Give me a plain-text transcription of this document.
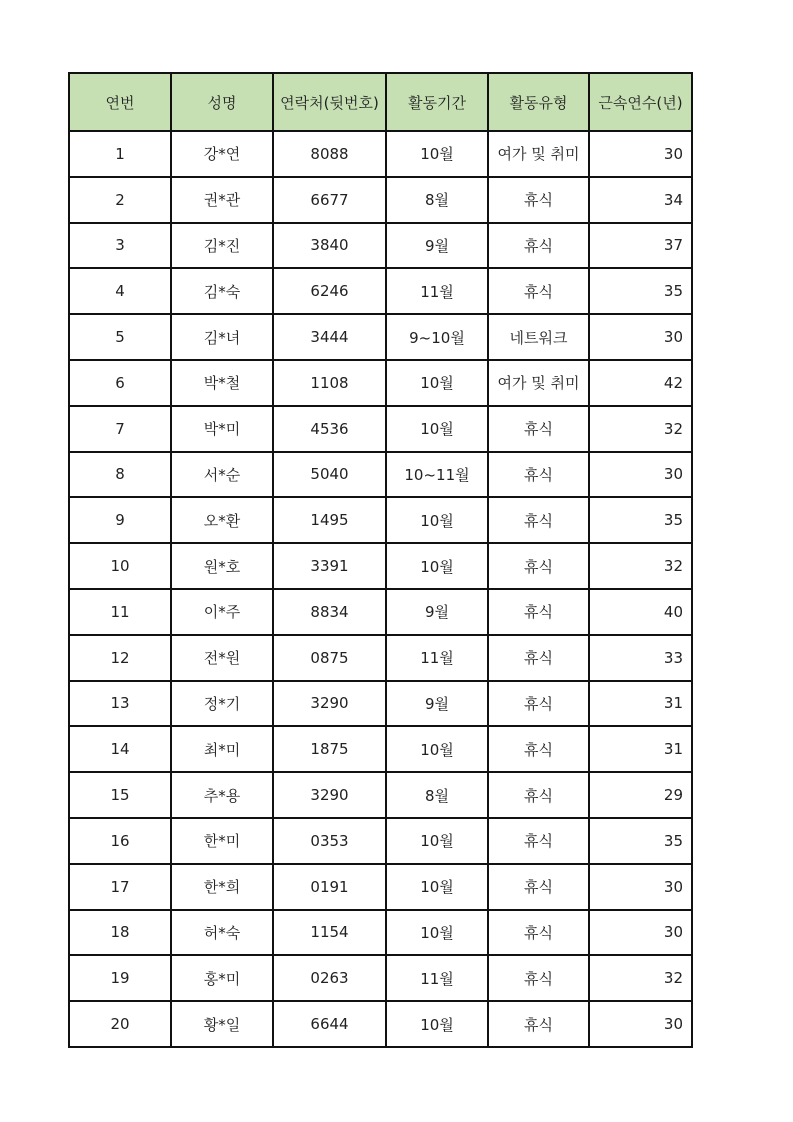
연번	성명	연락처(뒷번호)	활동기간	활동유형	근속연수(년)
1	강*연	8088	10월	여가 및 취미	30
2	권*관	6677	8월	휴식	34
3	김*진	3840	9월	휴식	37
4	김*숙	6246	11월	휴식	35
5	김*녀	3444	9~10월	네트워크	30
6	박*철	1108	10월	여가 및 취미	42
7	박*미	4536	10월	휴식	32
8	서*순	5040	10~11월	휴식	30
9	오*환	1495	10월	휴식	35
10	원*호	3391	10월	휴식	32
11	이*주	8834	9월	휴식	40
12	전*원	0875	11월	휴식	33
13	정*기	3290	9월	휴식	31
14	최*미	1875	10월	휴식	31
15	추*용	3290	8월	휴식	29
16	한*미	0353	10월	휴식	35
17	한*희	0191	10월	휴식	30
18	허*숙	1154	10월	휴식	30
19	홍*미	0263	11월	휴식	32
20	황*일	6644	10월	휴식	30
